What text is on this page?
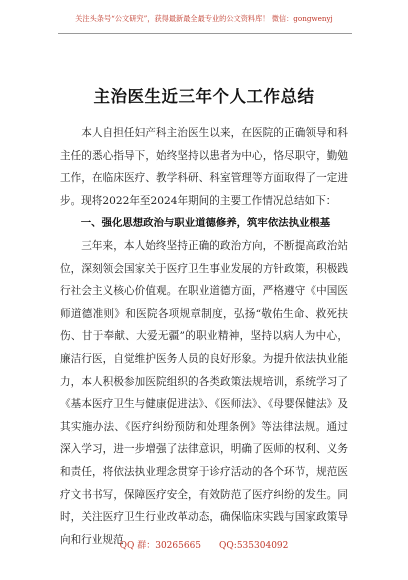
关注头条号“公文研究”，获得最新最全最专业的公文资料库！ 微信：gongwenyj
主治医生近三年个人工作总结

本人自担任妇产科主治医生以来，在医院的正确领导和科主任的悉心指导下，始终坚持以患者为中心，恪尽职守，勤勉工作，在临床医疗、教学科研、科室管理等方面取得了一定进步。现将2022年至2024年期间的主要工作情况总结如下：

一、强化思想政治与职业道德修养，筑牢依法执业根基

三年来，本人始终坚持正确的政治方向，不断提高政治站位，深刻领会国家关于医疗卫生事业发展的方针政策，积极践行社会主义核心价值观。在职业道德方面，严格遵守《中国医师道德准则》和医院各项规章制度，弘扬“敬佑生命、救死扶伤、甘于奉献、大爱无疆”的职业精神，坚持以病人为中心，廉洁行医，自觉维护医务人员的良好形象。为提升依法执业能力，本人积极参加医院组织的各类政策法规培训，系统学习了《基本医疗卫生与健康促进法》、《医师法》、《母婴保健法》及其实施办法、《医疗纠纷预防和处理条例》等法律法规。通过深入学习，进一步增强了法律意识，明确了医师的权利、义务和责任，将依法执业理念贯穿于诊疗活动的各个环节，规范医疗文书书写，保障医疗安全，有效防范了医疗纠纷的发生。同时，关注医疗卫生行业改革动态，确保临床实践与国家政策导向和行业规范

QQ 群：30265665 QQ:535304092
